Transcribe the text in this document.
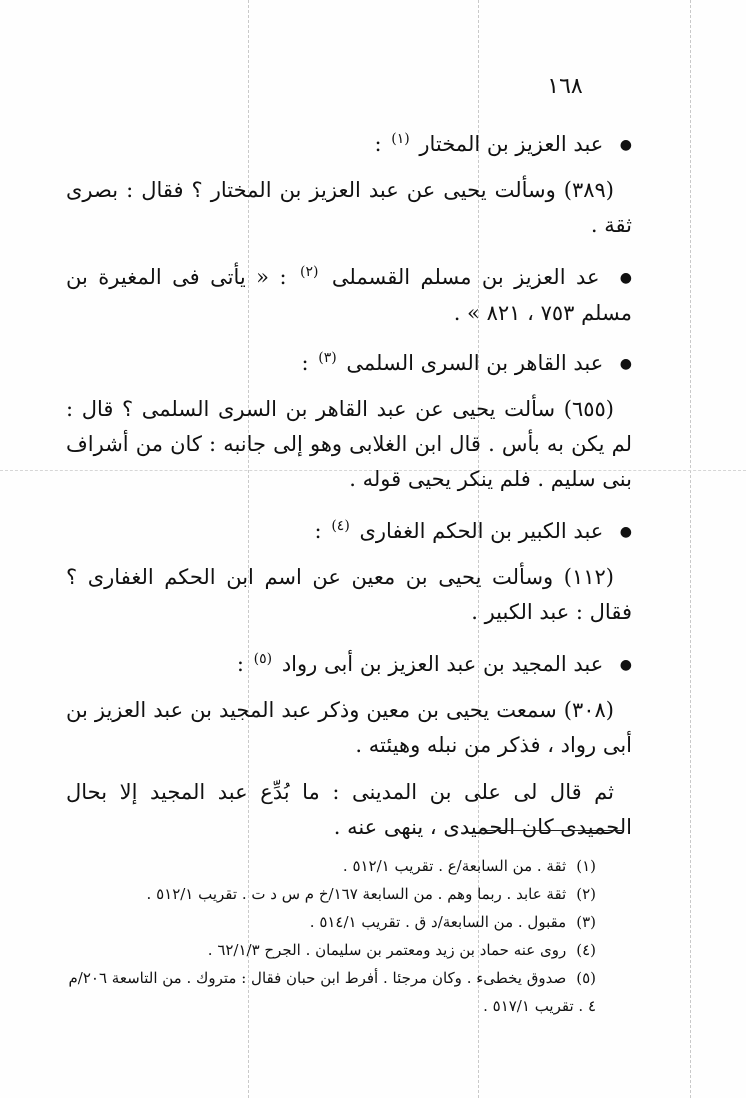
١٦٨
● عبد العزيز بن المختار $^{(١)}$ :

(٣٨٩) وسألت يحيى عن عبد العزيز بن المختار ؟ فقال : بصرى ثقة .

● عد العزيز بن مسلم القسملى $^{(٢)}$ : « يأتى فى المغيرة بن مسلم ٧٥٣ ، ٨٢١ » .
● عبد القاهر بن السرى السلمى $^{(٣)}$ :

(٦٥٥) سألت يحيى عن عبد القاهر بن السرى السلمى ؟ قال : لم يكن به بأس . قال ابن الغلابى وهو إلى جانبه : كان من أشراف بنى سليم . فلم ينكر يحيى قوله .

● عبد الكبير بن الحكم الغفارى $^{(٤)}$ :

(١١٢) وسألت يحيى بن معين عن اسم ابن الحكم الغفارى ؟ فقال : عبد الكبير .

● عبد المجيد بن عبد العزيز بن أبى رواد $^{(٥)}$ :

(٣٠٨) سمعت يحيى بن معين وذكر عبد المجيد بن عبد العزيز بن أبى رواد ، فذكر من نبله وهيئته .

ثم قال لى على بن المدينى : ما بُدِّع عبد المجيد إلا بحال الحميدى كان الحميدى ، ينهى عنه .

(١)ثقة . من السابعة/ع . تقريب ٥١٢/١ .

(٢)ثقة عابد . ربما وهم . من السابعة ١٦٧/خ م س د ت . تقريب ٥١٢/١ .

(٣)مقبول . من السابعة/د ق . تقريب ٥١٤/١ .

(٤)روى عنه حماد بن زيد ومعتمر بن سليمان . الجرح ٦٢/١/٣ .

(٥)صدوق يخطىء . وكان مرجئا . أفرط ابن حبان فقال : متروك . من التاسعة ٢٠٦/م ٤ . تقريب ٥١٧/١ .
